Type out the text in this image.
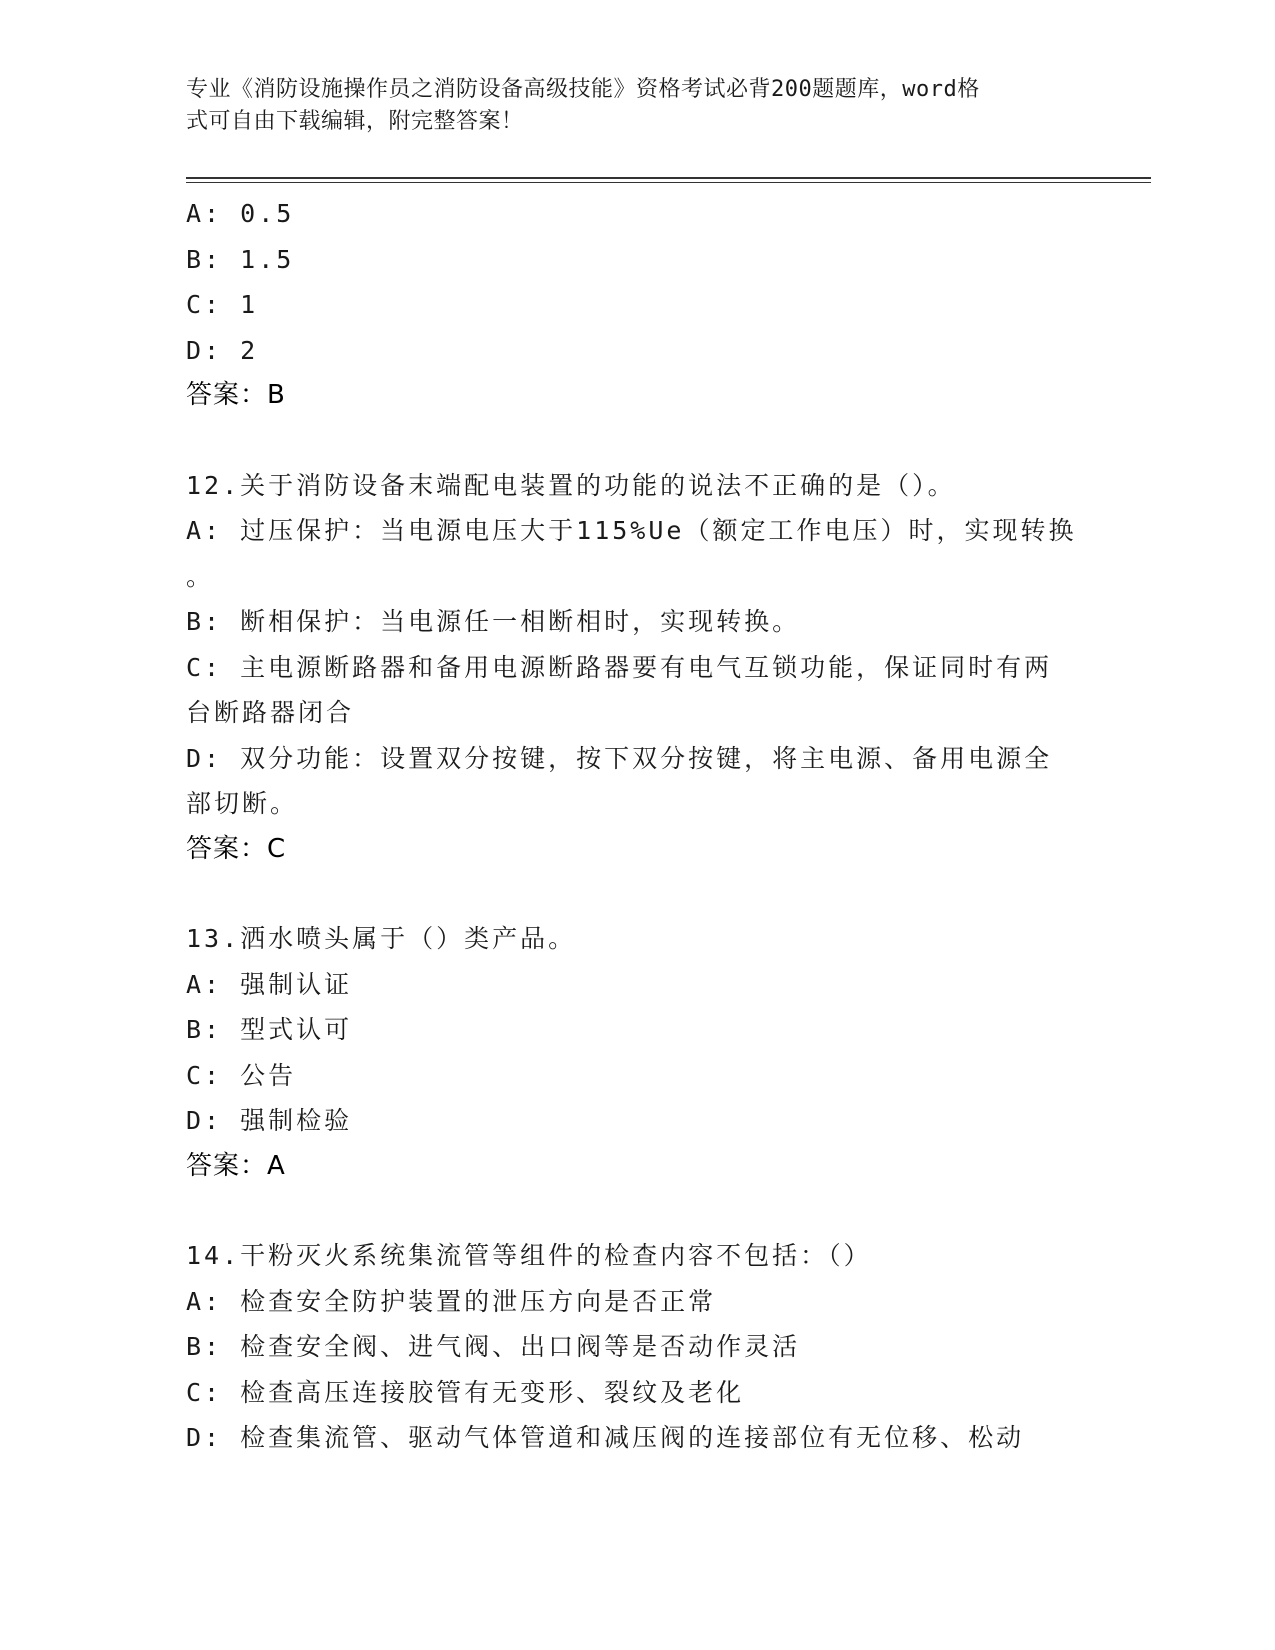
专业《消防设施操作员之消防设备高级技能》资格考试必背200题题库，word格
式可自由下载编辑，附完整答案！
A: 0.5
B: 1.5
C: 1
D: 2
答案：B
12.关于消防设备末端配电装置的功能的说法不正确的是（）。
A: 过压保护：当电源电压大于115%Ue（额定工作电压）时，实现转换
。
B: 断相保护：当电源任一相断相时，实现转换。
C: 主电源断路器和备用电源断路器要有电气互锁功能，保证同时有两
台断路器闭合
D: 双分功能：设置双分按键，按下双分按键，将主电源、备用电源全
部切断。
答案：C
13.洒水喷头属于（）类产品。
A: 强制认证
B: 型式认可
C: 公告
D: 强制检验
答案：A
14.干粉灭火系统集流管等组件的检查内容不包括：（）
A: 检查安全防护装置的泄压方向是否正常
B: 检查安全阀、进气阀、出口阀等是否动作灵活
C: 检查高压连接胶管有无变形、裂纹及老化
D: 检查集流管、驱动气体管道和减压阀的连接部位有无位移、松动
